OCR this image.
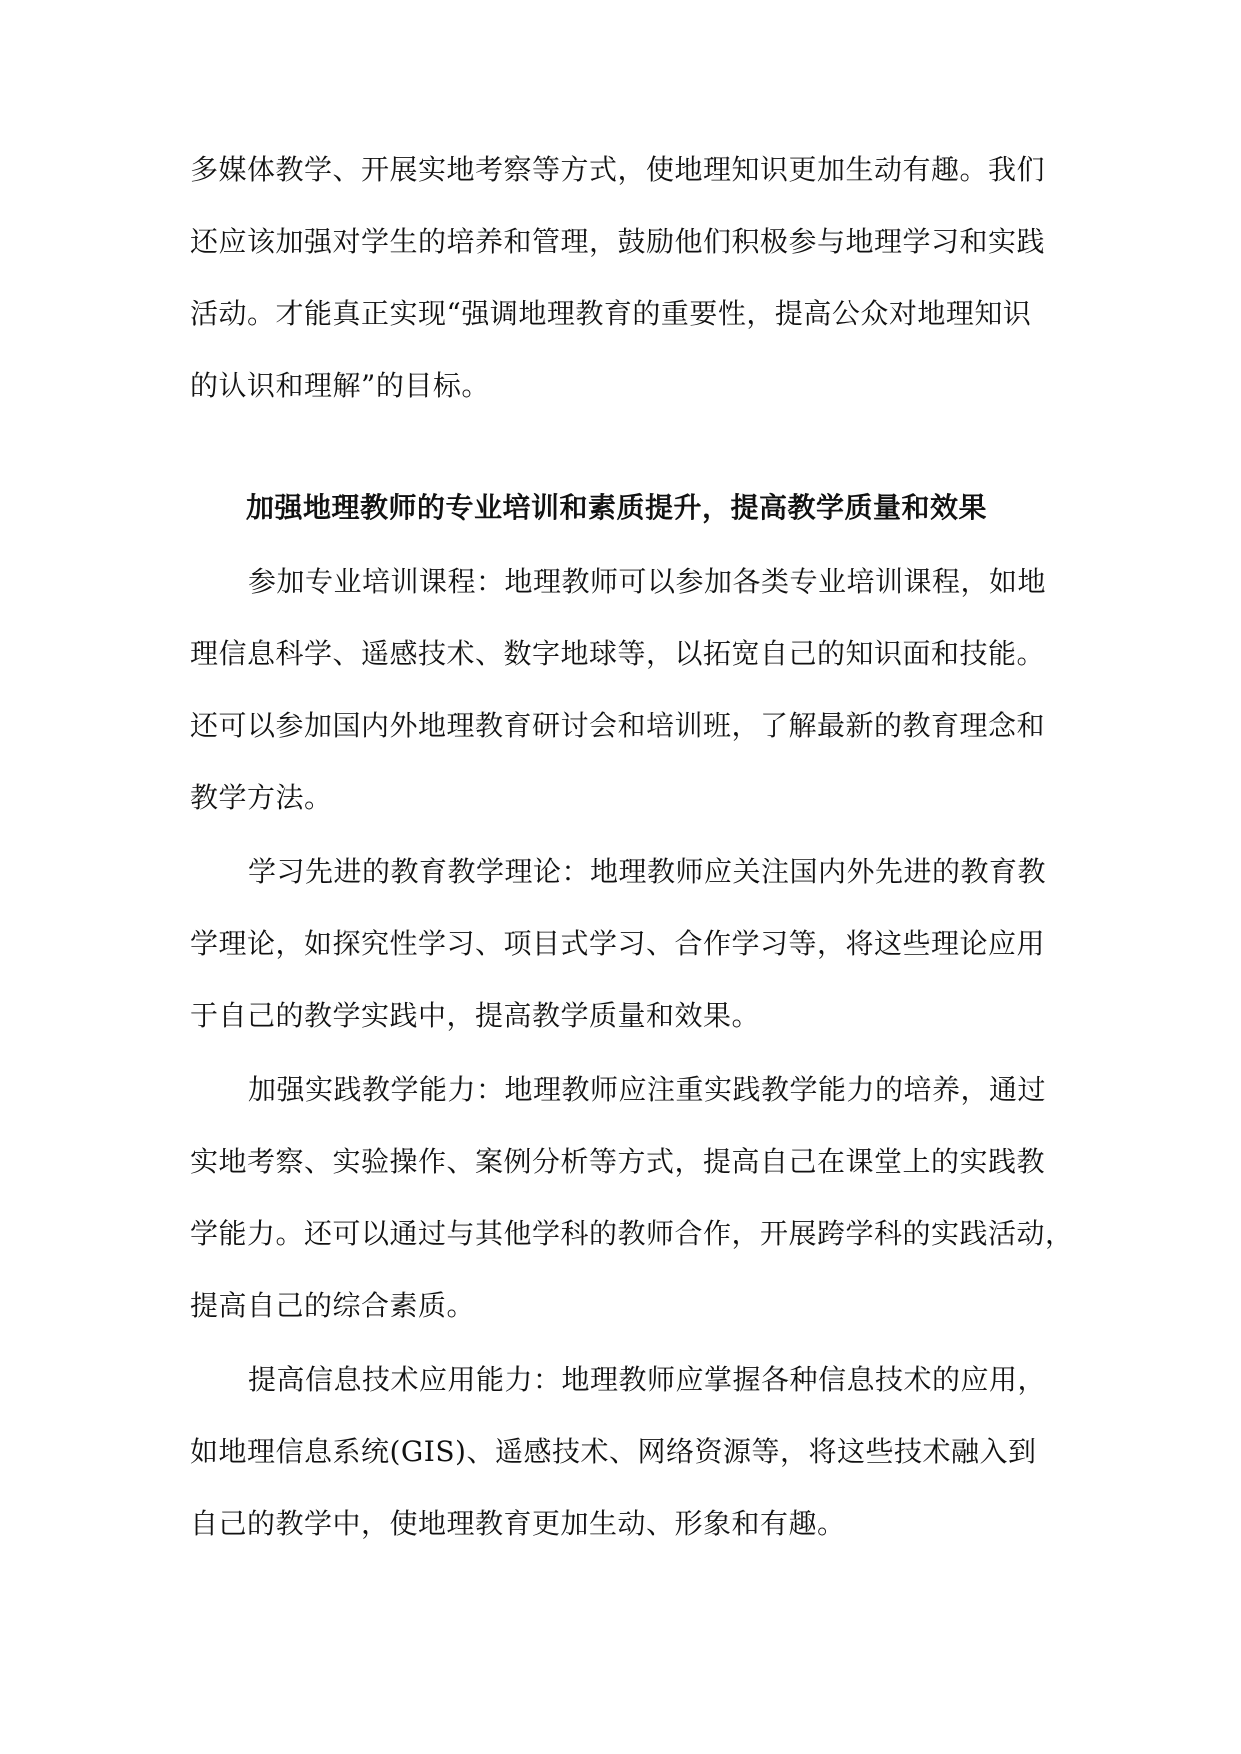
多媒体教学、开展实地考察等方式，使地理知识更加生动有趣。我们
还应该加强对学生的培养和管理，鼓励他们积极参与地理学习和实践
活动。才能真正实现“强调地理教育的重要性，提高公众对地理知识
的认识和理解”的目标。
加强地理教师的专业培训和素质提升，提高教学质量和效果
参加专业培训课程：地理教师可以参加各类专业培训课程，如地
理信息科学、遥感技术、数字地球等，以拓宽自己的知识面和技能。
还可以参加国内外地理教育研讨会和培训班，了解最新的教育理念和
教学方法。
学习先进的教育教学理论：地理教师应关注国内外先进的教育教
学理论，如探究性学习、项目式学习、合作学习等，将这些理论应用
于自己的教学实践中，提高教学质量和效果。
加强实践教学能力：地理教师应注重实践教学能力的培养，通过
实地考察、实验操作、案例分析等方式，提高自己在课堂上的实践教
学能力。还可以通过与其他学科的教师合作，开展跨学科的实践活动，
提高自己的综合素质。
提高信息技术应用能力：地理教师应掌握各种信息技术的应用，
如地理信息系统(GIS)、遥感技术、网络资源等，将这些技术融入到
自己的教学中，使地理教育更加生动、形象和有趣。
